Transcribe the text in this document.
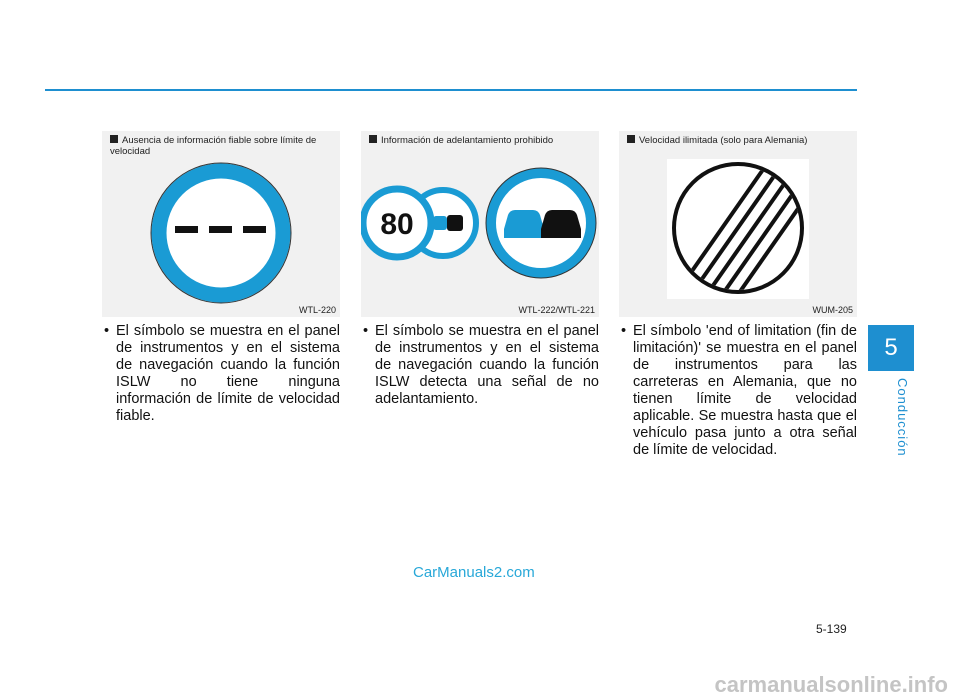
5
Conducción
Ausencia de información fiable sobre límite de velocidad
WTL-220
80
Información de adelantamiento prohibido
WTL-222/WTL-221
Velocidad ilimitada (solo para Alemania)
WUM-205
• El símbolo se muestra en el panel de instrumentos y en el sistema de navegación cuando la función ISLW no tiene ninguna información de límite de velocidad fiable.
• El símbolo se muestra en el panel de instrumentos y en el sistema de navegación cuando la función ISLW detecta una señal de no adelantamiento.
• El símbolo 'end of limitation (fin de limitación)' se muestra en el panel de instrumentos para las carreteras en Alemania, que no tienen límite de velocidad aplicable. Se muestra hasta que el vehículo pasa junto a otra señal de límite de velocidad.
CarManuals2.com
5-139
carmanualsonline.info
